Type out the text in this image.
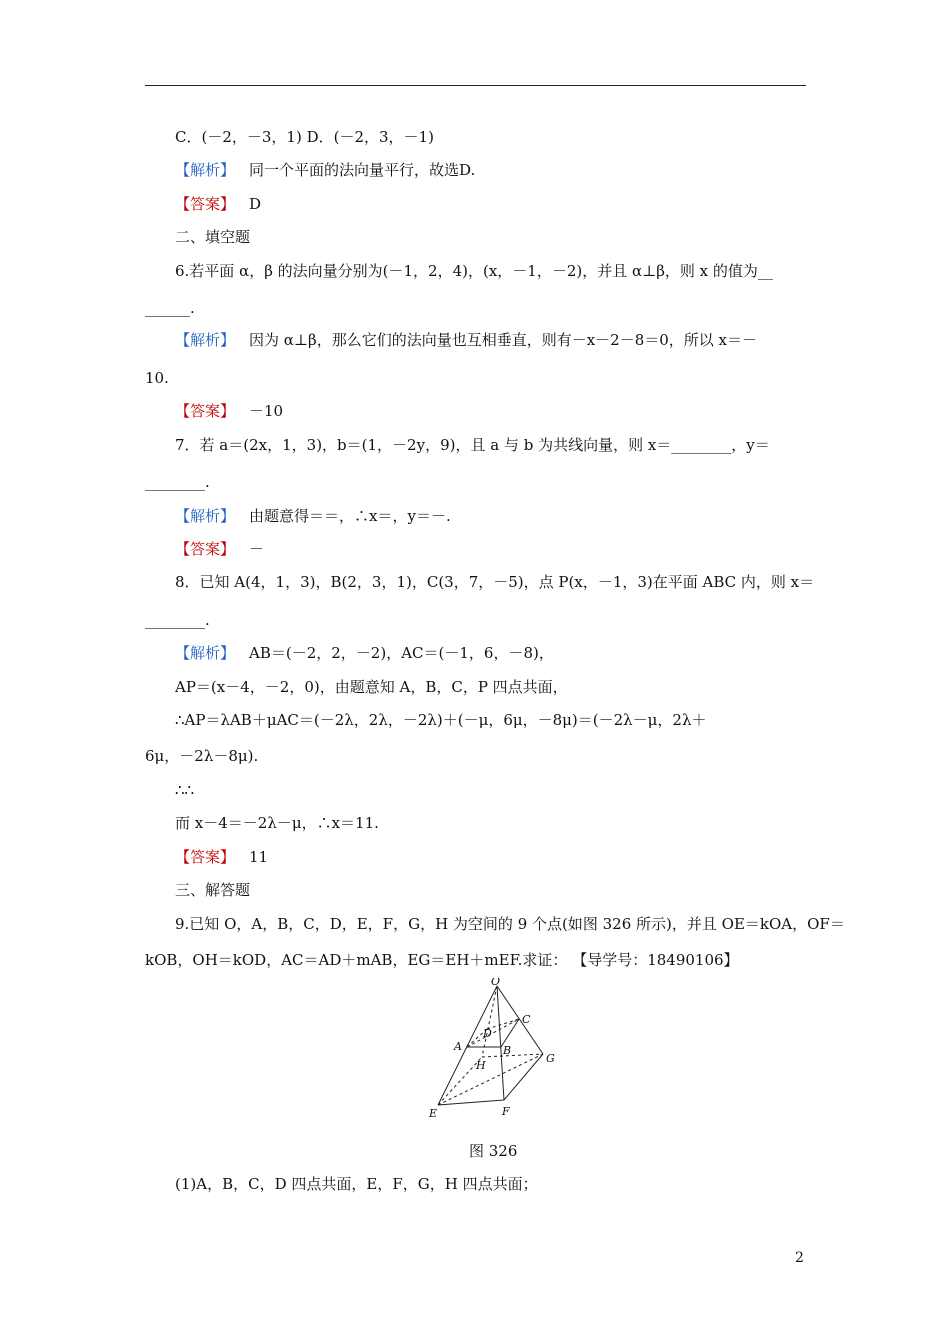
C．(－2，－3，1) D．(－2，3，－1)
【解析】 同一个平面的法向量平行，故选D.
【答案】 D
二、填空题
6.若平面 α，β 的法向量分别为(－1，2，4)，(x，－1，－2)，并且 α⊥β，则 x 的值为__
______.
【解析】 因为 α⊥β，那么它们的法向量也互相垂直，则有－x－2－8＝0，所以 x＝－
10.
【答案】 －10
7．若 a＝(2x，1，3)，b＝(1，－2y，9)，且 a 与 b 为共线向量，则 x＝________，y＝
________.
【解析】 由题意得＝＝，∴x＝，y＝－.
【答案】 －
8．已知 A(4，1，3)，B(2，3，1)，C(3，7，－5)，点 P(x，－1，3)在平面 ABC 内，则 x＝
________.
【解析】 AB＝(－2，2，－2)，AC＝(－1，6，－8)，
AP＝(x－4，－2，0)，由题意知 A，B，C，P 四点共面，
∴AP＝λAB＋μAC＝(－2λ，2λ，－2λ)＋(－μ，6μ，－8μ)＝(－2λ－μ，2λ＋
6μ，－2λ－8μ).
∴∴
而 x－4＝－2λ－μ，∴x＝11.
【答案】 11
三、解答题
9.已知 O，A，B，C，D，E，F，G，H 为空间的 9 个点(如图 326 所示)，并且 OE＝kOA，OF＝
kOB，OH＝kOD，AC＝AD＋mAB，EG＝EH＋mEF.求证： 【导学号：18490106】
O
C
D
A	B
G
H
E	F
图 326
(1)A，B，C，D 四点共面，E，F，G，H 四点共面；
2
